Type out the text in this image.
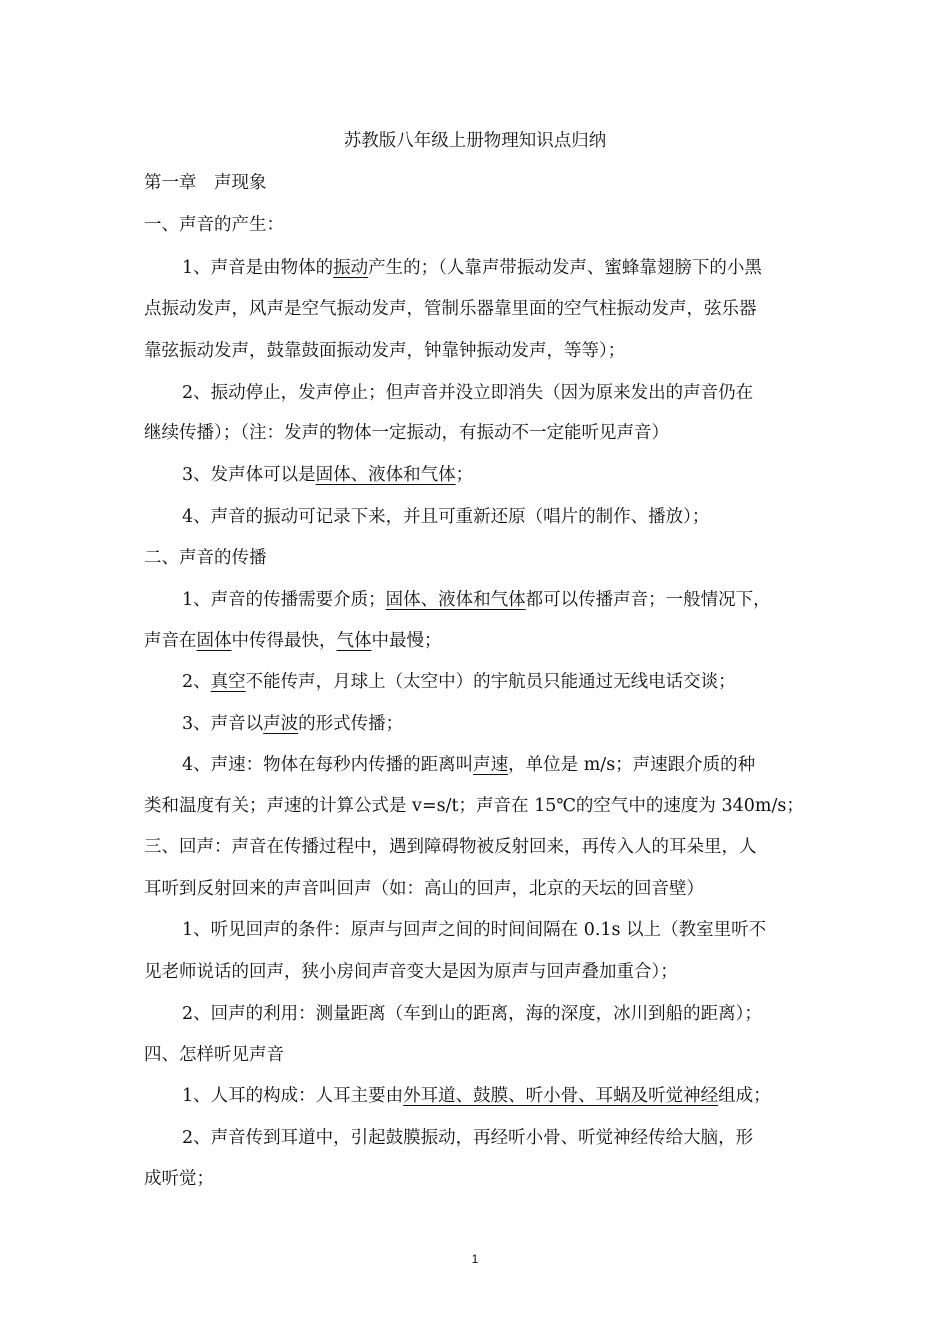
苏教版八年级上册物理知识点归纳
第一章　声现象
一、声音的产生：
1、声音是由物体的振动产生的；（人靠声带振动发声、蜜蜂靠翅膀下的小黑
点振动发声，风声是空气振动发声，管制乐器靠里面的空气柱振动发声，弦乐器
靠弦振动发声，鼓靠鼓面振动发声，钟靠钟振动发声，等等）；
2、振动停止，发声停止；但声音并没立即消失（因为原来发出的声音仍在
继续传播）；（注：发声的物体一定振动，有振动不一定能听见声音）
3、发声体可以是固体、液体和气体；
4、声音的振动可记录下来，并且可重新还原（唱片的制作、播放）；
二、声音的传播
1、声音的传播需要介质；固体、液体和气体都可以传播声音；一般情况下，
声音在固体中传得最快，气体中最慢；
2、真空不能传声，月球上（太空中）的宇航员只能通过无线电话交谈；
3、声音以声波的形式传播；
4、声速：物体在每秒内传播的距离叫声速，单位是 m/s；声速跟介质的种
类和温度有关；声速的计算公式是 v=s/t；声音在 15℃的空气中的速度为 340m/s；
三、回声：声音在传播过程中，遇到障碍物被反射回来，再传入人的耳朵里，人
耳听到反射回来的声音叫回声（如：高山的回声，北京的天坛的回音壁）
1、听见回声的条件：原声与回声之间的时间间隔在 0.1s 以上（教室里听不
见老师说话的回声，狭小房间声音变大是因为原声与回声叠加重合）；
2、回声的利用：测量距离（车到山的距离，海的深度，冰川到船的距离）；
四、怎样听见声音
1、人耳的构成：人耳主要由外耳道、鼓膜、听小骨、耳蜗及听觉神经组成；
2、声音传到耳道中，引起鼓膜振动，再经听小骨、听觉神经传给大脑，形
成听觉；
1
